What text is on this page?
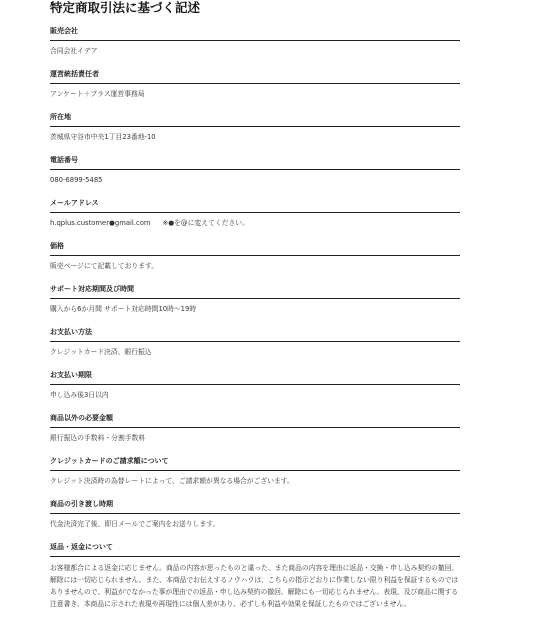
特定商取引法に基づく記述
販売会社
合同会社イデア
運営統括責任者
アンケート＋プラス運営事務局
所在地
茨城県守谷市中央1丁目23番地-10
電話番号
080-6899-5485
メールアドレス
h.qplus.customer●gmail.com ※●を@に変えてください。
価格
販売ページにて記載しております。
サポート対応期間及び時間
購入から6か月間 サポート対応時間10時〜19時
お支払い方法
クレジットカード決済、銀行振込
お支払い期限
申し込み後3日以内
商品以外の必要金額
銀行振込の手数料・分割手数料
クレジットカードのご請求額について
クレジット決済時の為替レートによって、ご請求額が異なる場合がございます。
商品の引き渡し時期
代金決済完了後、即日メールでご案内をお送りします。
返品・返金について
お客様都合による返金に応じません。商品の内容が思ったものと違った、また商品の内容を理由に返品・交換・申し込み契約の撤回、解除には一切応じられません。また、本商品でお伝えするノウハウは、こちらの指示どおりに作業しない限り利益を保証するものではありませんので、利益がでなかった事が理由での返品・申し込み契約の撤回、解除にも一切応じられません。表現、及び商品に関する注意書き、本商品に示された表現や再現性には個人差があり、必ずしも利益や効果を保証したものではございません。
